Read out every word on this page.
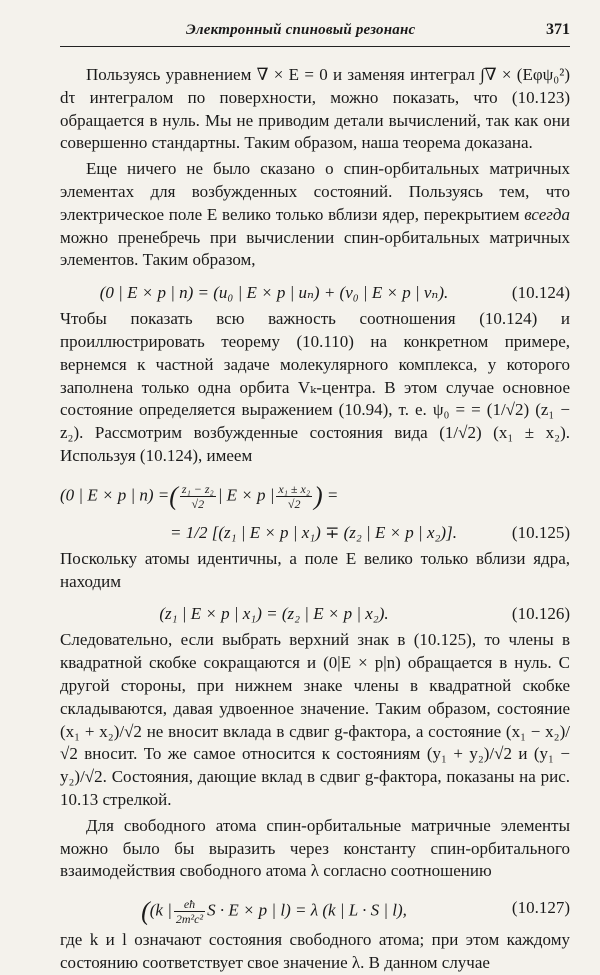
Электронный спиновый резонанс	371

Пользуясь уравнением ∇ × E = 0 и заменяя интеграл ∫∇ × (Eφψ₀²) dτ интегралом по поверхности, можно показать, что (10.123) обращается в нуль. Мы не приводим детали вычислений, так как они совершенно стандартны. Таким образом, наша теорема доказана.

Еще ничего не было сказано о спин-орбитальных матричных элементах для возбужденных состояний. Пользуясь тем, что электрическое поле E велико только вблизи ядер, перекрытием всегда можно пренебречь при вычислении спин-орбитальных матричных элементов. Таким образом,

(0 | E × p | n) = (u₀ | E × p | uₙ) + (v₀ | E × p | vₙ).	(10.124)

Чтобы показать всю важность соотношения (10.124) и проиллюстрировать теорему (10.110) на конкретном примере, вернемся к частной задаче молекулярного комплекса, у которого заполнена только одна орбита Vₖ-центра. В этом случае основное состояние определяется выражением (10.94), т. е. ψ₀ = = (1/√2) (z₁ − z₂). Рассмотрим возбужденные состояния вида (1/√2) (x₁ ± x₂). Используя (10.124), имеем

(0 | E × p | n) =( $\frac{\text{z₁ − z₂}}{√2}$ | E × p | $\frac{\text{x₁ ± x₂}}{√2}$ ) =
= 1/2 [(z₁ | E × p | x₁) ∓ (z₂ | E × p | x₂)].	(10.125)

Поскольку атомы идентичны, а поле E велико только вблизи ядра, находим

(z₁ | E × p | x₁) = (z₂ | E × p | x₂).	(10.126)

Следовательно, если выбрать верхний знак в (10.125), то члены в квадратной скобке сокращаются и (0|E × p|n) обращается в нуль. С другой стороны, при нижнем знаке члены в квадратной скобке складываются, давая удвоенное значение. Таким образом, состояние (x₁ + x₂)/√2 не вносит вклада в сдвиг g-фактора, а состояние (x₁ − x₂)/√2 вносит. То же самое относится к состояниям (y₁ + y₂)/√2 и (y₁ − y₂)/√2. Состояния, дающие вклад в сдвиг g-фактора, показаны на рис. 10.13 стрелкой.

Для свободного атома спин-орбитальные матричные элементы можно было бы выразить через константу спин-орбитального взаимодействия свободного атома λ согласно соотношению

((k | $\frac{eħ}{\text{2m²c²}}$ S · E × p | l) = λ (k | L · S | l),	(10.127)

где k и l означают состояния свободного атома; при этом каждому состоянию соответствует свое значение λ. В данном случае
